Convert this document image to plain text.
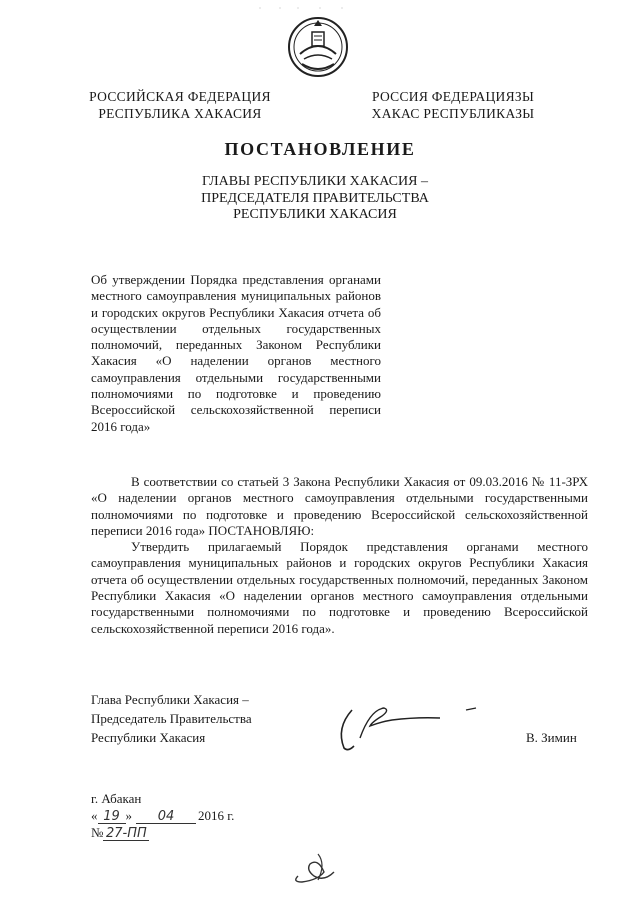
РОССИЙСКАЯ ФЕДЕРАЦИЯ
РЕСПУБЛИКА ХАКАСИЯ
РОССИЯ ФЕДЕРАЦИЯЗЫ
ХАКАС РЕСПУБЛИКАЗЫ
ПОСТАНОВЛЕНИЕ
ГЛАВЫ РЕСПУБЛИКИ ХАКАСИЯ –
ПРЕДСЕДАТЕЛЯ ПРАВИТЕЛЬСТВА
РЕСПУБЛИКИ ХАКАСИЯ
Об утверждении Порядка представления органами местного самоуправления муниципальных районов и городских округов Республики Хакасия отчета об осуществлении отдельных государственных полномочий, переданных Законом Республики Хакасия «О наделении органов местного самоуправления отдельными государственными полномочиями по подготовке и проведению Всероссийской сельскохозяйственной переписи 2016 года»

В соответствии со статьей 3 Закона Республики Хакасия от 09.03.2016 № 11-ЗРХ «О наделении органов местного самоуправления отдельными государственными полномочиями по подготовке и проведению Всероссийской сельскохозяйственной переписи 2016 года» ПОСТАНОВЛЯЮ:

Утвердить прилагаемый Порядок представления органами местного самоуправления муниципальных районов и городских округов Республики Хакасия отчета об осуществлении отдельных государственных полномочий, переданных Законом Республики Хакасия «О наделении органов местного самоуправления отдельными государственными полномочиями по подготовке и проведению Всероссийской сельскохозяйственной переписи 2016 года».

Глава Республики Хакасия –
Председатель Правительства
Республики Хакасия	В. Зимин
г. Абакан
« 19 »	04	2016 г.
№ 27-ПП
